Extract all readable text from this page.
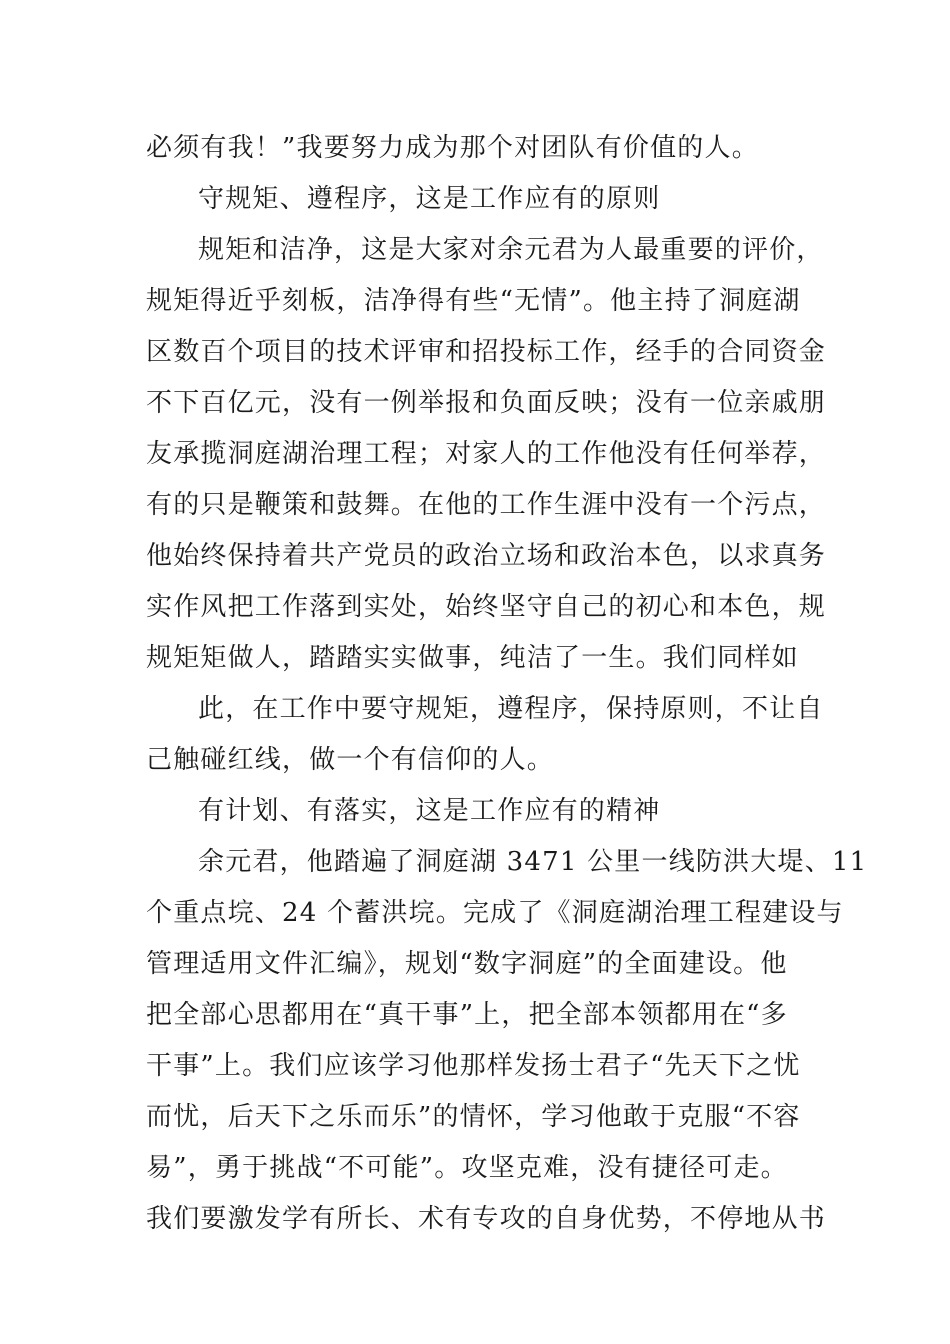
必须有我！”我要努力成为那个对团队有价值的人。
守规矩、遵程序，这是工作应有的原则
规矩和洁净，这是大家对余元君为人最重要的评价，
规矩得近乎刻板，洁净得有些“无情”。他主持了洞庭湖
区数百个项目的技术评审和招投标工作，经手的合同资金
不下百亿元，没有一例举报和负面反映；没有一位亲戚朋
友承揽洞庭湖治理工程；对家人的工作他没有任何举荐，
有的只是鞭策和鼓舞。在他的工作生涯中没有一个污点，
他始终保持着共产党员的政治立场和政治本色，以求真务
实作风把工作落到实处，始终坚守自己的初心和本色，规
规矩矩做人，踏踏实实做事，纯洁了一生。我们同样如
此，在工作中要守规矩，遵程序，保持原则，不让自
己触碰红线，做一个有信仰的人。
有计划、有落实，这是工作应有的精神
余元君，他踏遍了洞庭湖 3471 公里一线防洪大堤、11
个重点垸、24 个蓄洪垸。完成了《洞庭湖治理工程建设与
管理适用文件汇编》，规划“数字洞庭”的全面建设。他
把全部心思都用在“真干事”上，把全部本领都用在“多
干事”上。我们应该学习他那样发扬士君子“先天下之忧
而忧，后天下之乐而乐”的情怀，学习他敢于克服“不容
易”，勇于挑战“不可能”。攻坚克难，没有捷径可走。
我们要激发学有所长、术有专攻的自身优势，不停地从书
